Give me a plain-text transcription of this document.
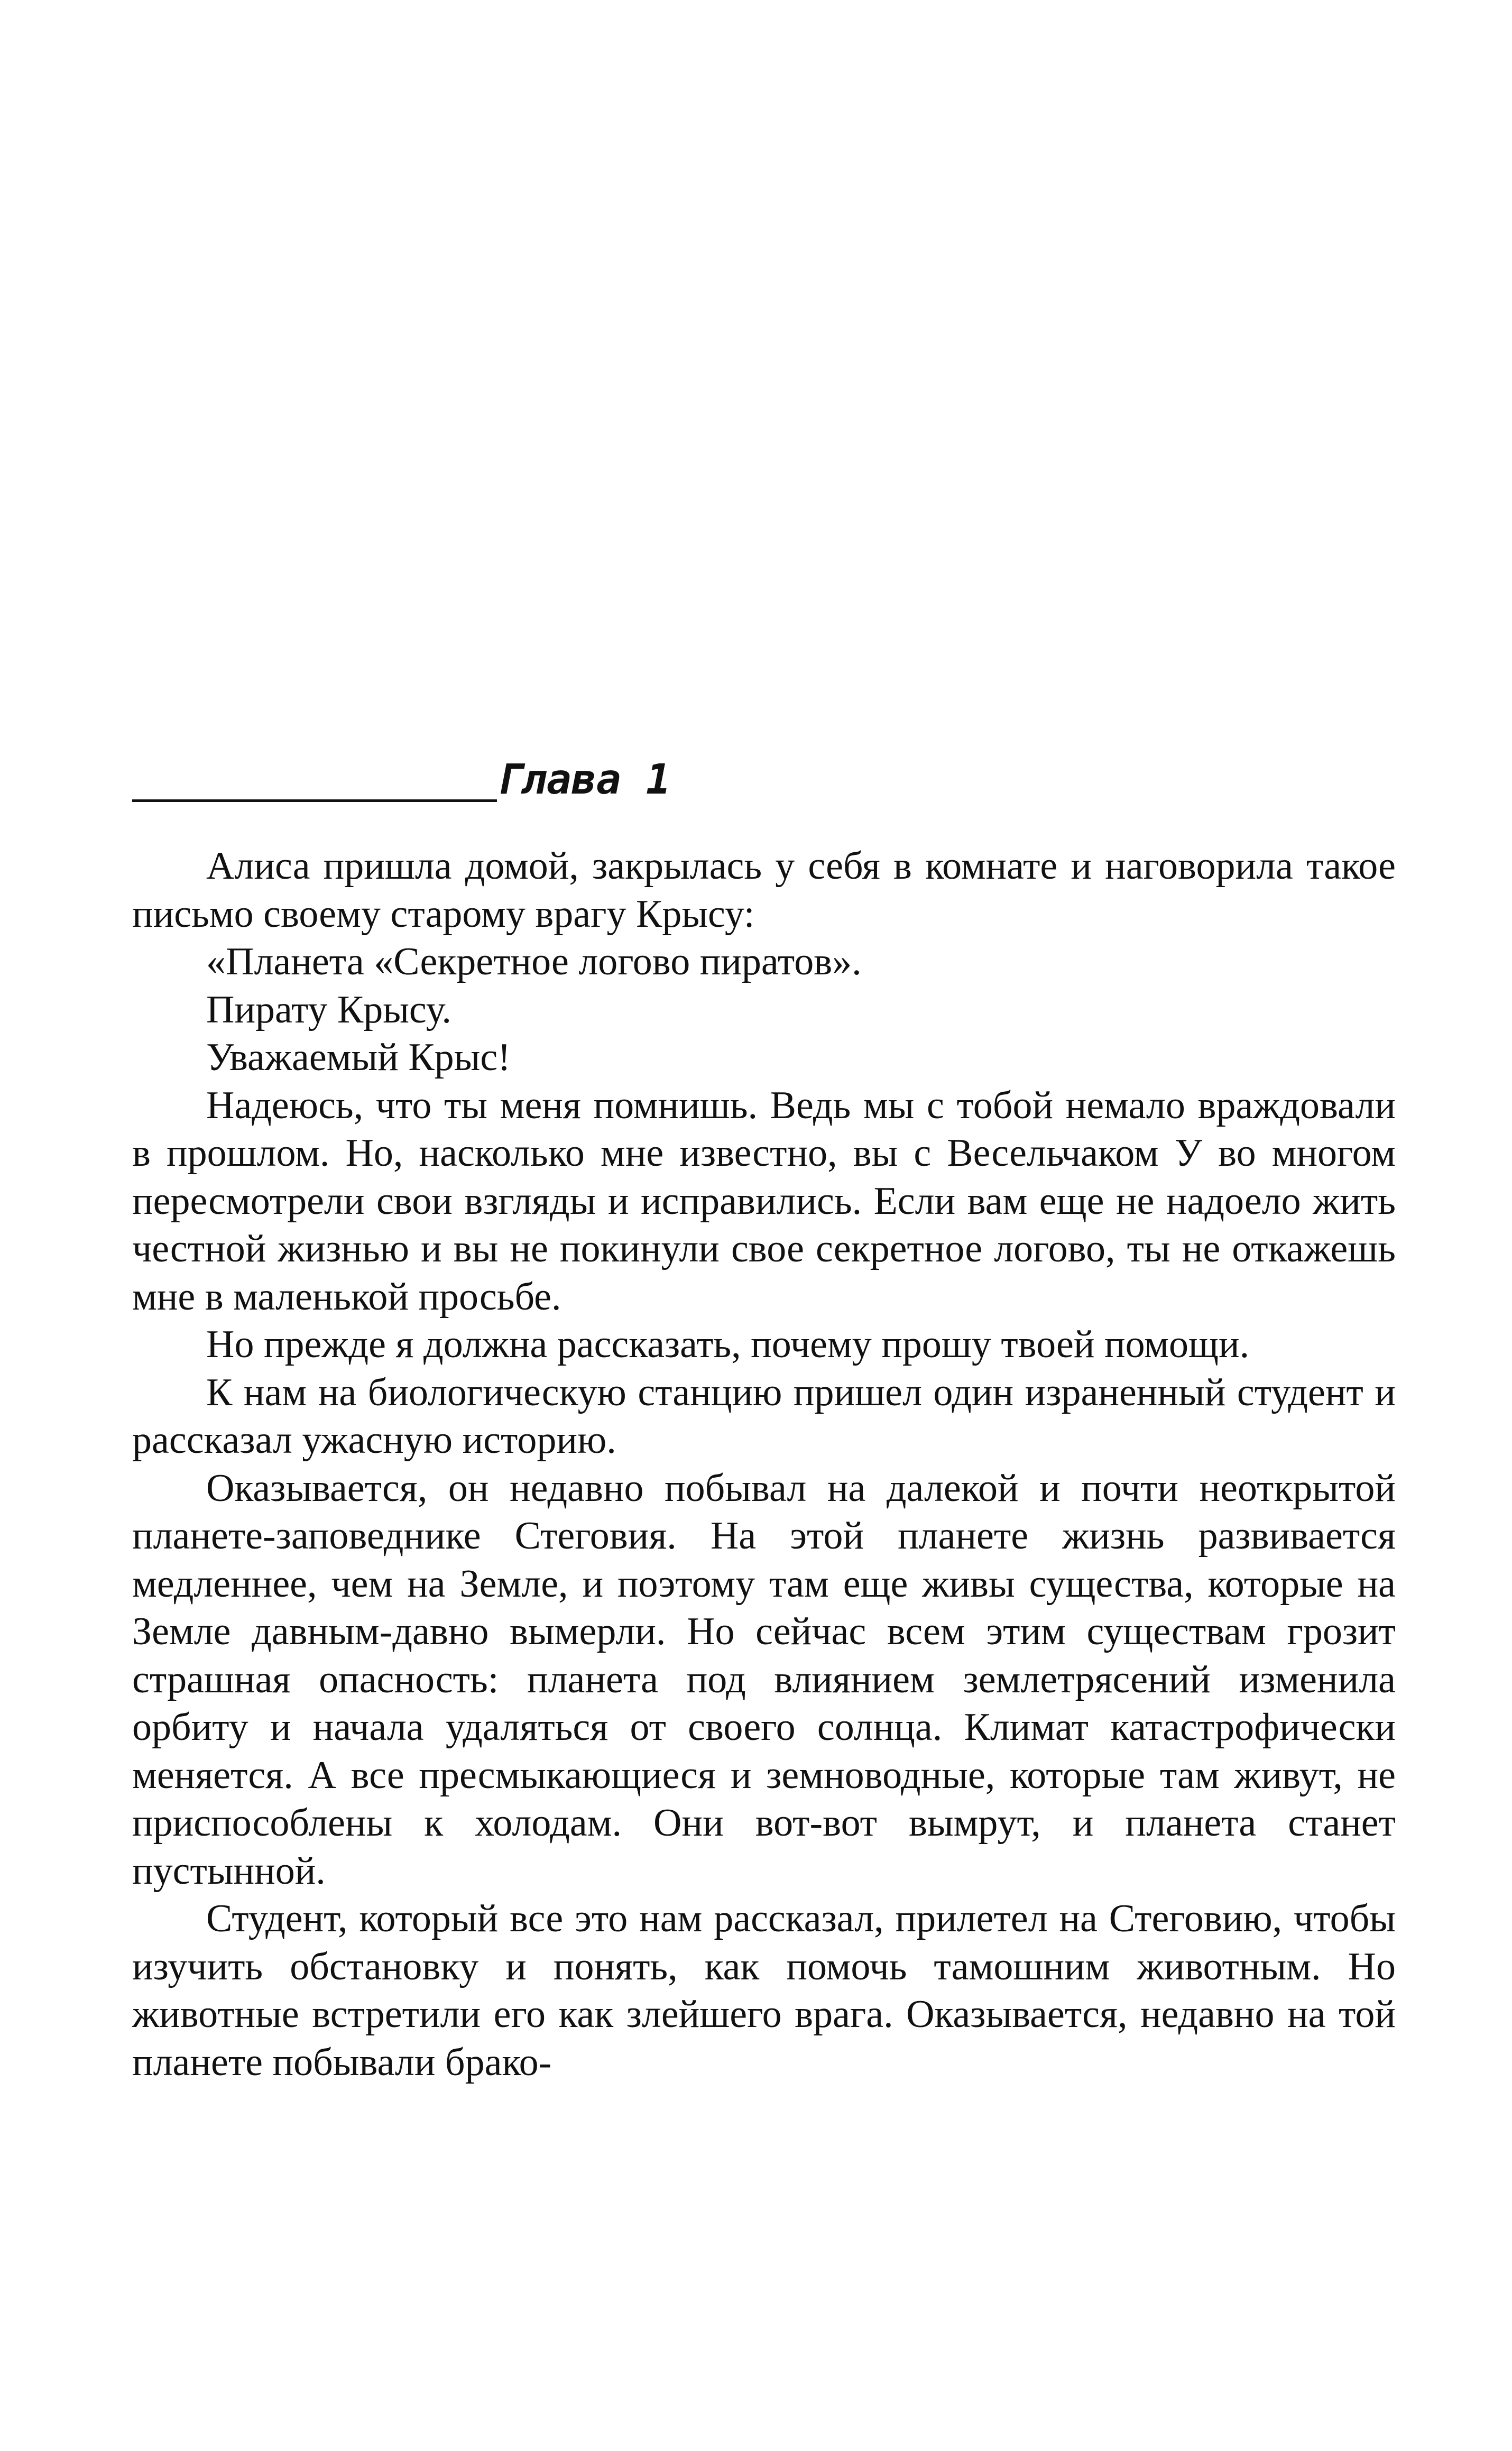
Глава 1

Алиса пришла домой, закрылась у себя в комнате и наговорила такое письмо своему старому врагу Крысу:

«Планета «Секретное логово пиратов».

Пирату Крысу.

Уважаемый Крыс!

Надеюсь, что ты меня помнишь. Ведь мы с тобой немало враждовали в прошлом. Но, насколько мне известно, вы с Весельчаком У во многом пересмотрели свои взгляды и исправились. Если вам еще не надоело жить честной жизнью и вы не покинули свое секретное логово, ты не откажешь мне в маленькой просьбе.

Но прежде я должна рассказать, почему прошу твоей помощи.

К нам на биологическую станцию пришел один израненный студент и рассказал ужасную историю.

Оказывается, он недавно побывал на далекой и почти неоткрытой планете-заповеднике Стеговия. На этой планете жизнь развивается медленнее, чем на Земле, и поэтому там еще живы существа, которые на Земле давным-давно вымерли. Но сейчас всем этим существам грозит страшная опасность: планета под влиянием землетрясений изменила орбиту и начала удаляться от своего солнца. Климат катастрофически меняется. А все пресмыкающиеся и земноводные, которые там живут, не приспособлены к холодам. Они вот-вот вымрут, и планета станет пустынной.

Студент, который все это нам рассказал, прилетел на Стеговию, чтобы изучить обстановку и понять, как помочь тамошним животным. Но животные встретили его как злейшего врага. Оказывается, недавно на той планете побывали брако-
